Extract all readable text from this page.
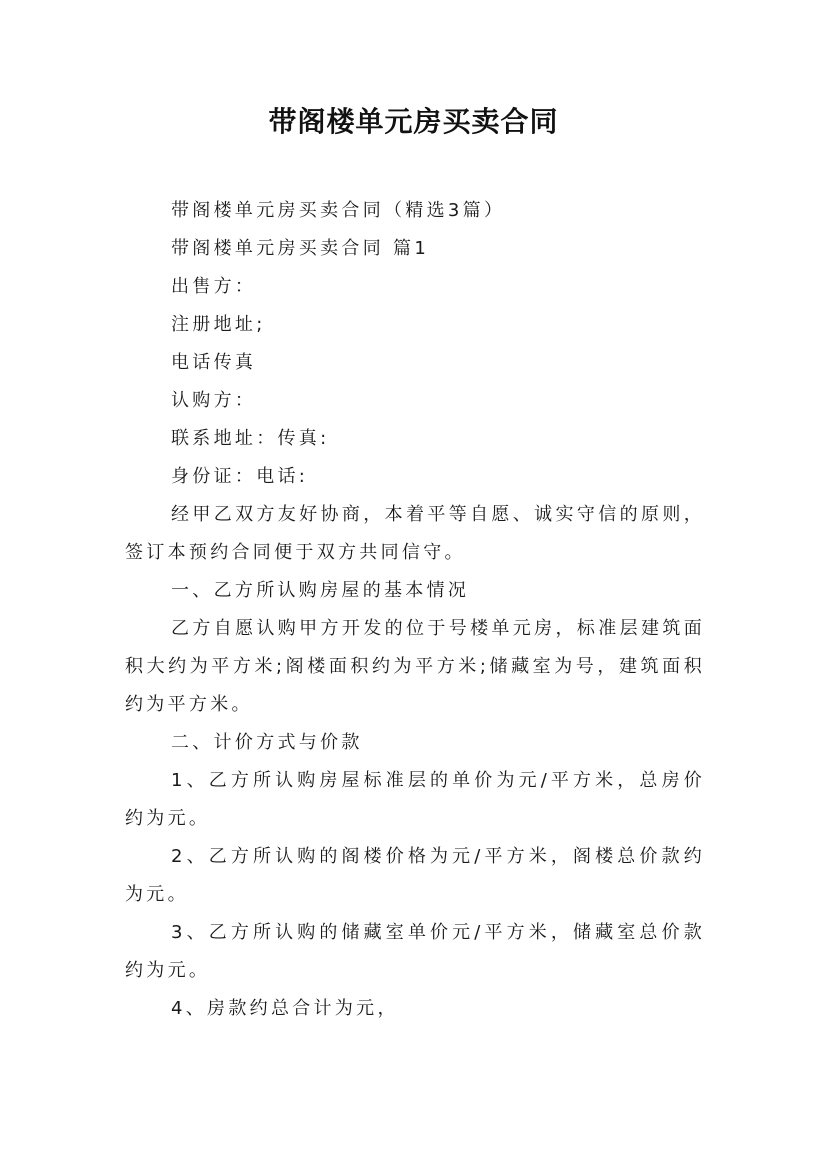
带阁楼单元房买卖合同

带阁楼单元房买卖合同（精选3篇）

带阁楼单元房买卖合同 篇1

出售方：

注册地址;

电话传真

认购方：

联系地址：传真:

身份证：电话:

经甲乙双方友好协商，本着平等自愿、诚实守信的原则，签订本预约合同便于双方共同信守。

一、乙方所认购房屋的基本情况

乙方自愿认购甲方开发的位于号楼单元房，标准层建筑面积大约为平方米;阁楼面积约为平方米;储藏室为号，建筑面积约为平方米。

二、计价方式与价款

1、乙方所认购房屋标准层的单价为元/平方米，总房价约为元。

2、乙方所认购的阁楼价格为元/平方米，阁楼总价款约为元。

3、乙方所认购的储藏室单价元/平方米，储藏室总价款约为元。

4、房款约总合计为元，
